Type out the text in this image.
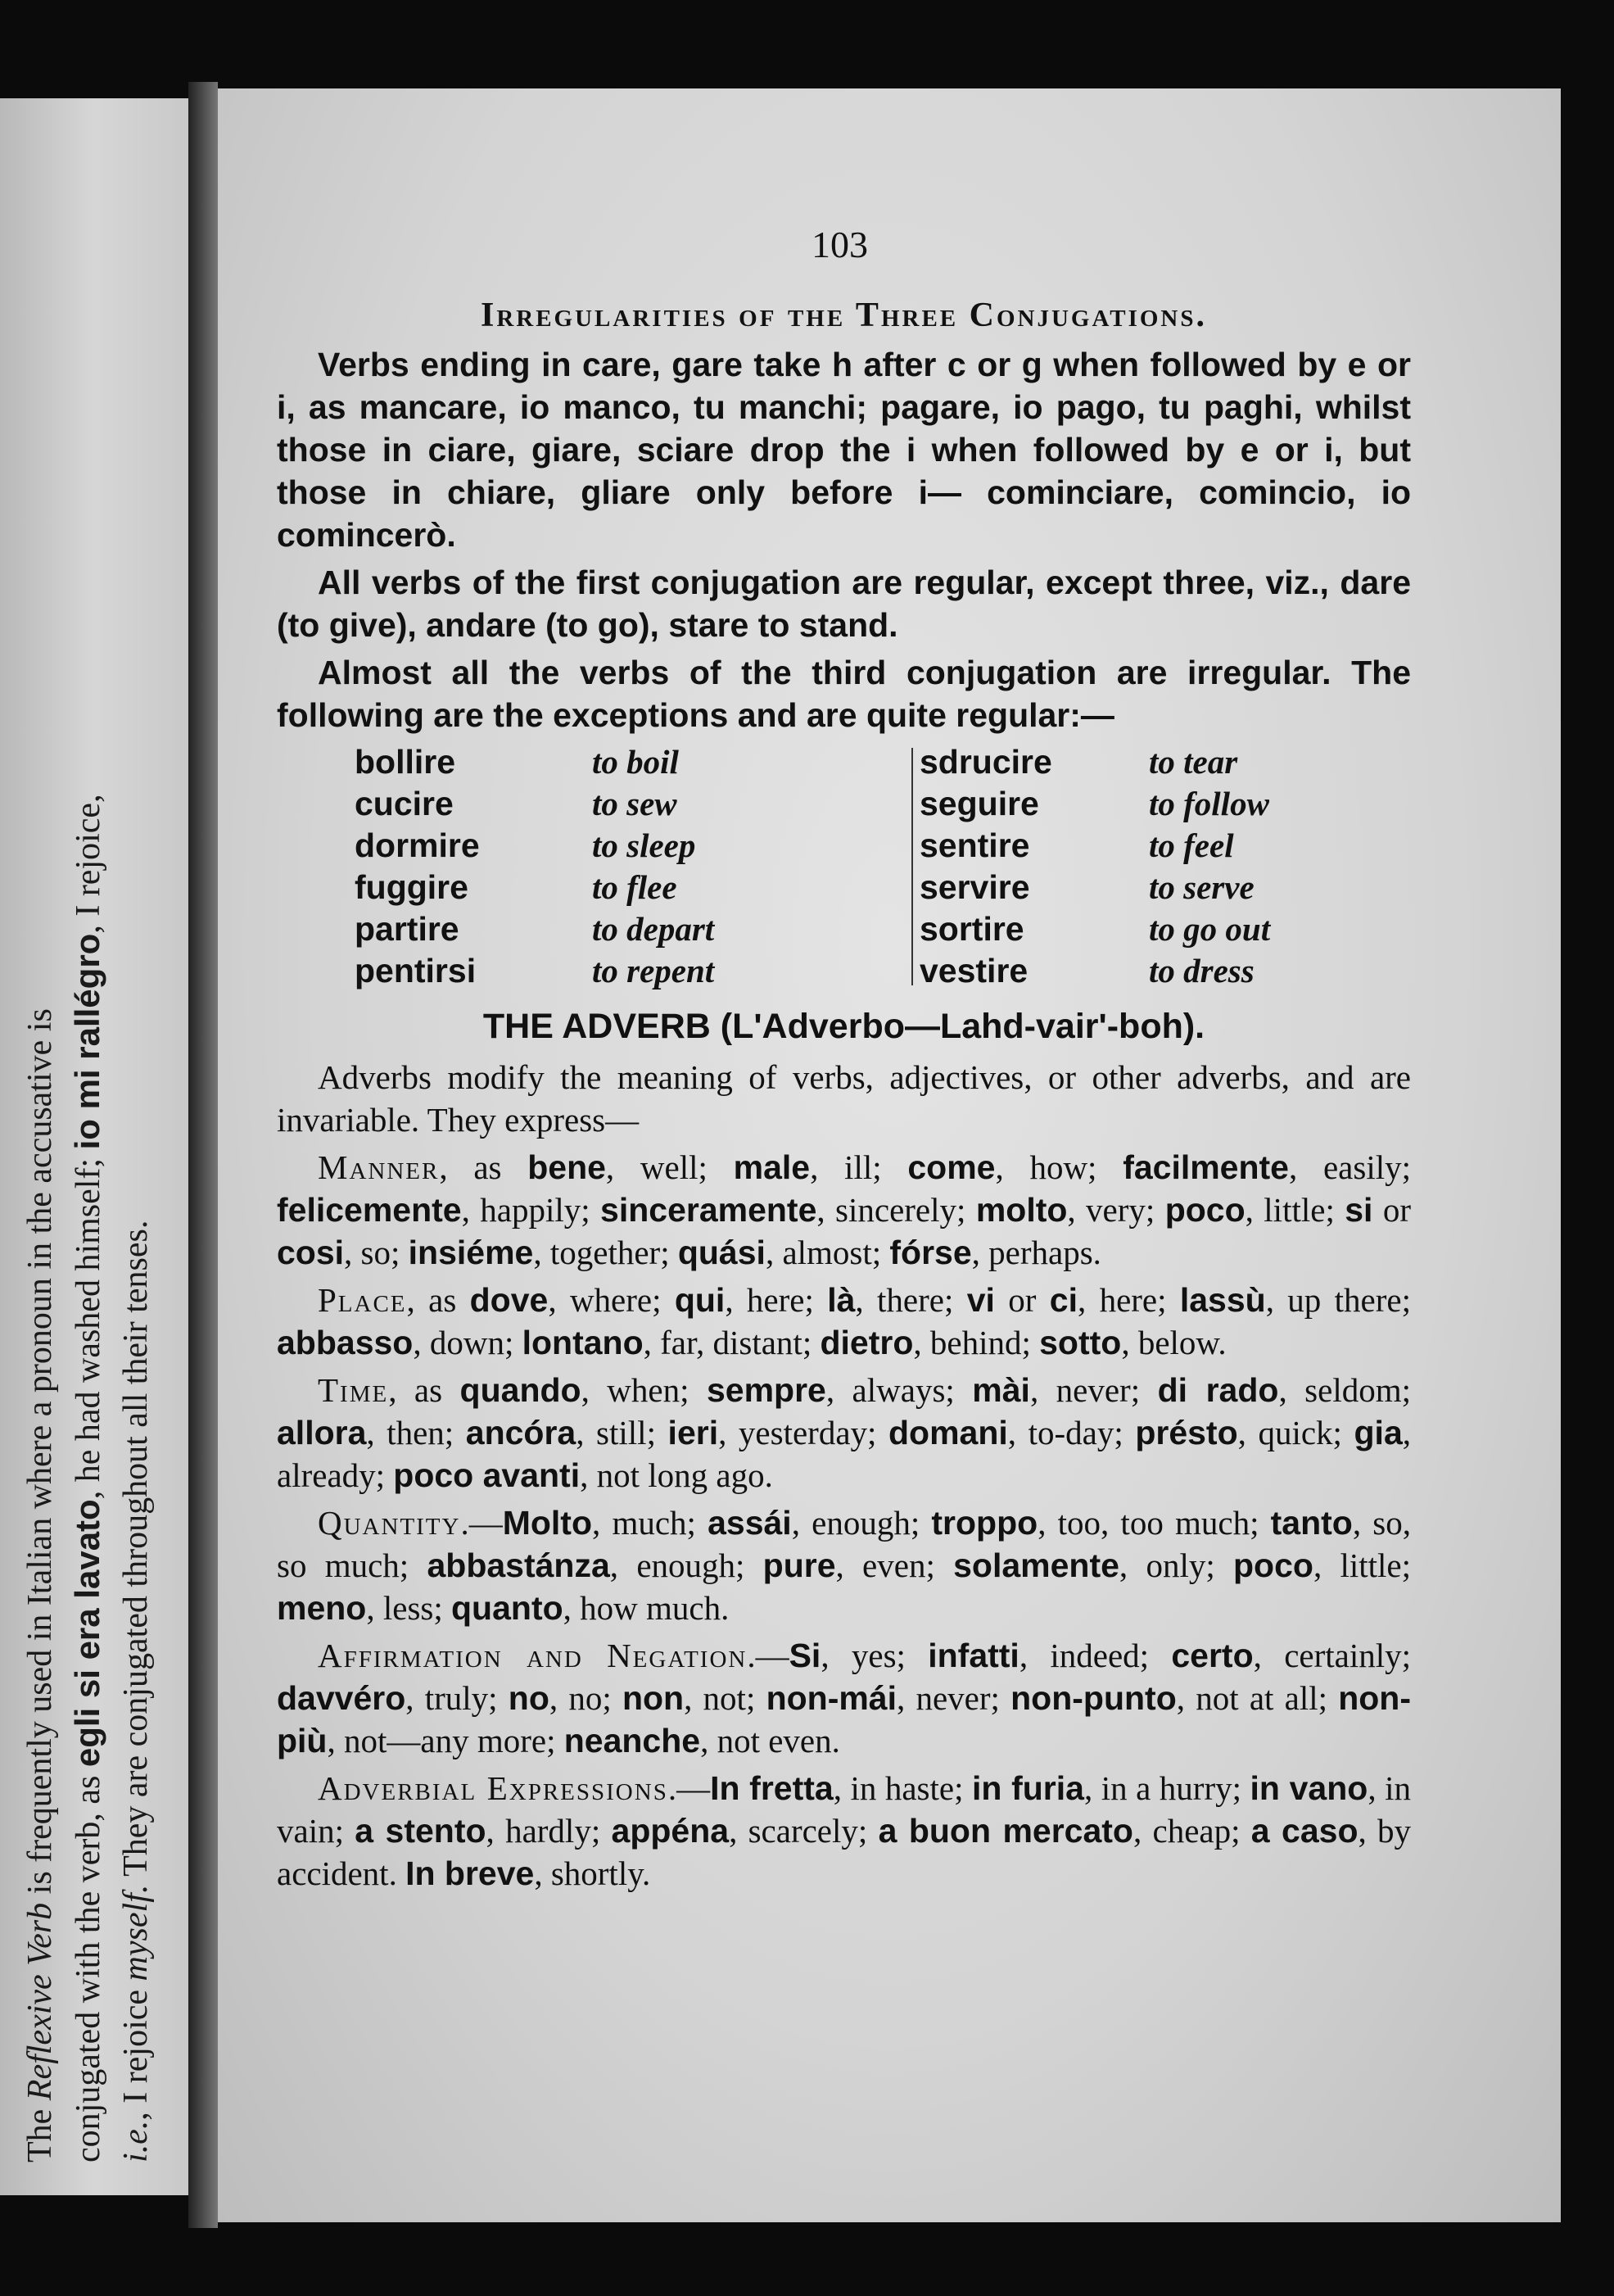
The Reflexive Verb is frequently used in Italian where a pronoun in the accusative is
conjugated with the verb, as egli si era lavato, he had washed himself; io mi rallégro, I rejoice,
i.e., I rejoice myself. They are conjugated throughout all their tenses.
103
Irregularities of the Three Conjugations.

Verbs ending in care, gare take h after c or g when followed by e or i, as mancare, io manco, tu manchi; pagare, io pago, tu paghi, whilst those in ciare, giare, sciare drop the i when followed by e or i, but those in chiare, gliare only before i— cominciare, comincio, io comincerò.

All verbs of the first conjugation are regular, except three, viz., dare (to give), andare (to go), stare to stand.

Almost all the verbs of the third conjugation are irregular. The following are the exceptions and are quite regular:—

bollire	to boil	sdrucire	to tear
cucire	to sew	seguire	to follow
dormire	to sleep	sentire	to feel
fuggire	to flee	servire	to serve
partire	to depart	sortire	to go out
pentirsi	to repent	vestire	to dress
THE ADVERB (L'Adverbo—Lahd-vair'-boh).

Adverbs modify the meaning of verbs, adjectives, or other adverbs, and are invariable. They express—

Manner, as bene, well; male, ill; come, how; facilmente, easily; felicemente, happily; sinceramente, sincerely; molto, very; poco, little; si or cosi, so; insiéme, together; quási, almost; fórse, perhaps.

Place, as dove, where; qui, here; là, there; vi or ci, here; lassù, up there; abbasso, down; lontano, far, distant; dietro, behind; sotto, below.

Time, as quando, when; sempre, always; mài, never; di rado, seldom; allora, then; ancóra, still; ieri, yesterday; domani, to-day; présto, quick; gia, already; poco avanti, not long ago.

Quantity.—Molto, much; assái, enough; troppo, too, too much; tanto, so, so much; abbastánza, enough; pure, even; solamente, only; poco, little; meno, less; quanto, how much.

Affirmation and Negation.—Si, yes; infatti, indeed; certo, certainly; davvéro, truly; no, no; non, not; non-mái, never; non-punto, not at all; non-più, not—any more; neanche, not even.

Adverbial Expressions.—In fretta, in haste; in furia, in a hurry; in vano, in vain; a stento, hardly; appéna, scarcely; a buon mercato, cheap; a caso, by accident. In breve, shortly.
